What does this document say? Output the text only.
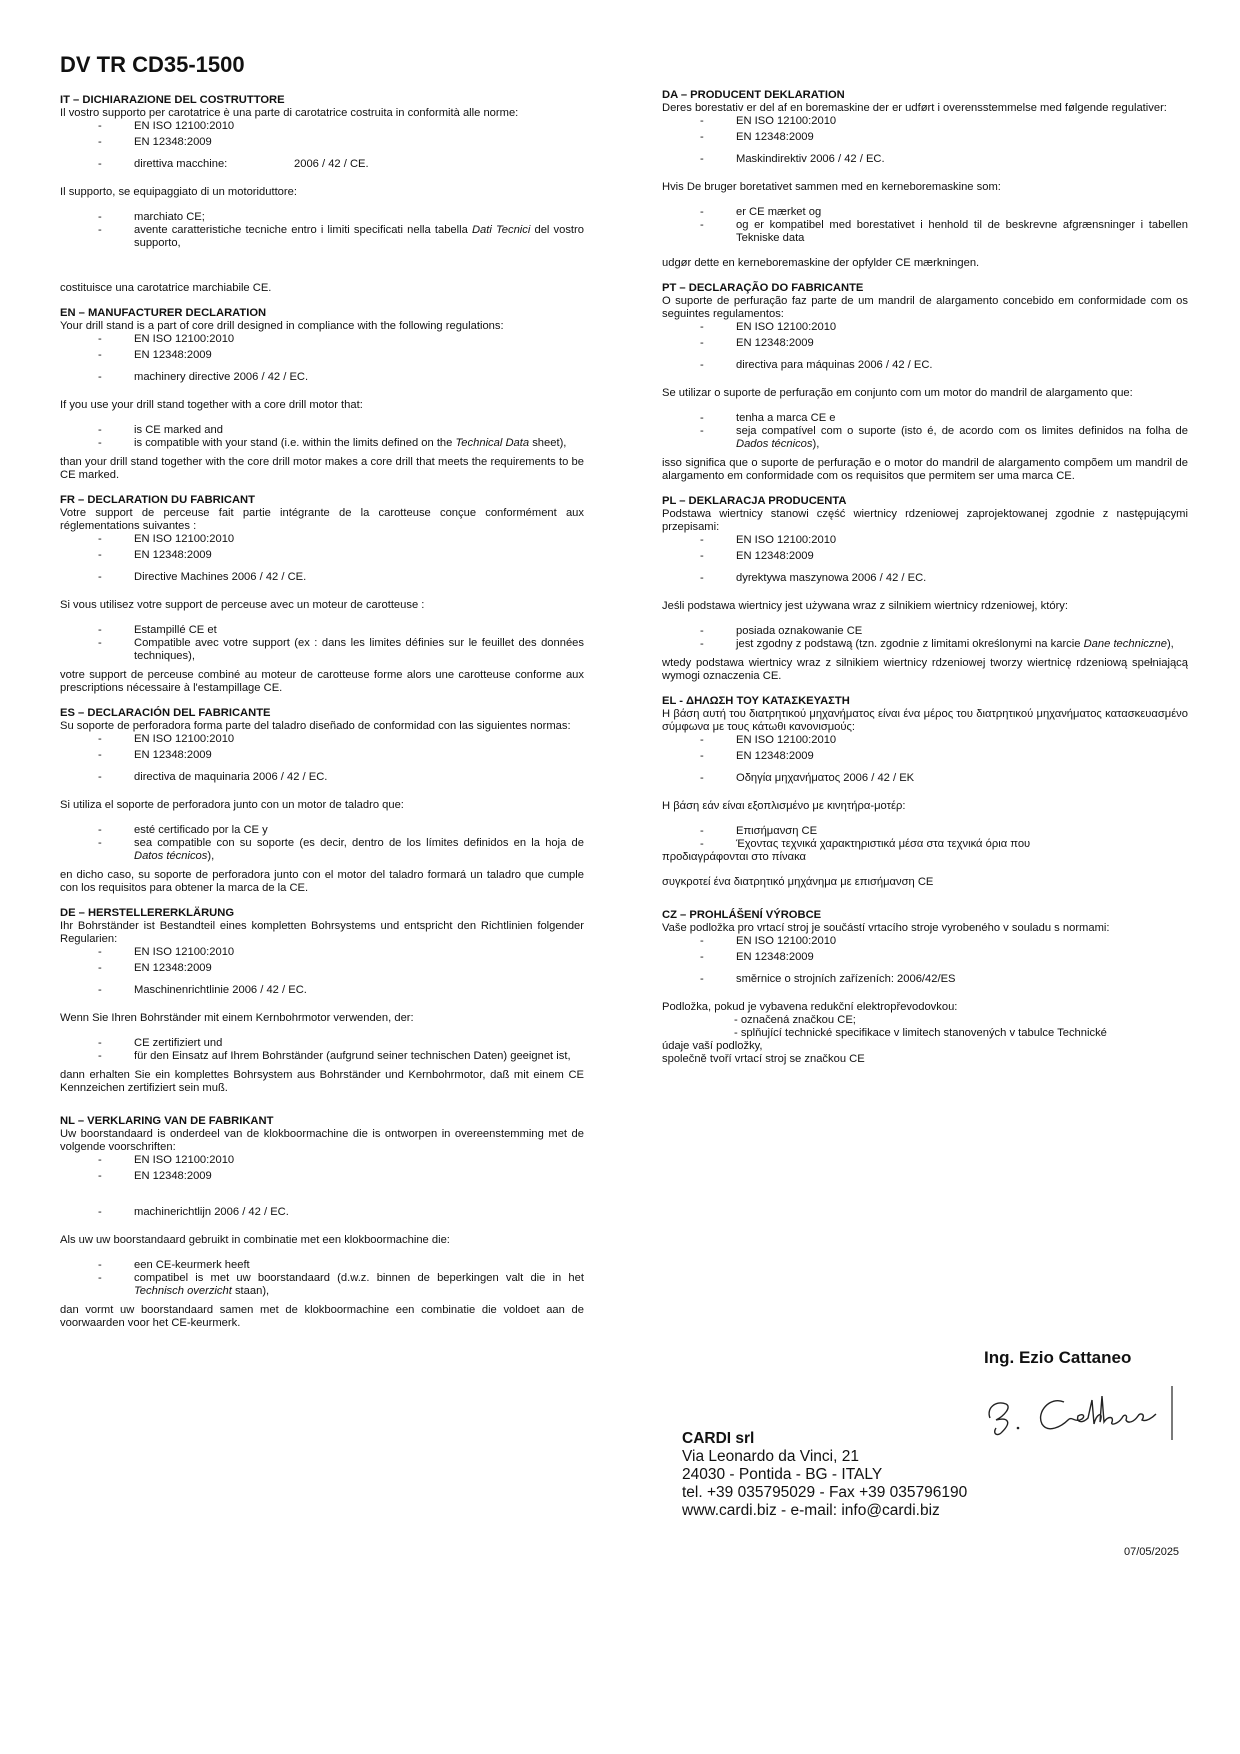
DV TR CD35-1500

IT – DICHIARAZIONE DEL COSTRUTTORE

Il vostro supporto per carotatrice è una parte di carotatrice costruita in conformità alle norme:

- EN ISO 12100:2010
- EN 12348:2009
- direttiva macchine:	2006 / 42 / CE.

Il supporto, se equipaggiato di un motoriduttore:

- marchiato CE;
- avente caratteristiche tecniche entro i limiti specificati nella tabella Dati Tecnici del vostro supporto,

costituisce una carotatrice marchiabile CE.

EN – MANUFACTURER DECLARATION

Your drill stand is a part of core drill designed in compliance with the following regulations:

- EN ISO 12100:2010
- EN 12348:2009
- machinery directive 2006 / 42 / EC.

If you use your drill stand together with a core drill motor that:

- is CE marked and
- is compatible with your stand (i.e. within the limits defined on the Technical Data sheet),

than your drill stand together with the core drill motor makes a core drill that meets the requirements to be CE marked.

FR – DECLARATION DU FABRICANT

Votre support de perceuse fait partie intégrante de la carotteuse conçue conformément aux réglementations suivantes :

- EN ISO 12100:2010
- EN 12348:2009
- Directive Machines 2006 / 42 / CE.

Si vous utilisez votre support de perceuse avec un moteur de carotteuse :

- Estampillé CE et
- Compatible avec votre support (ex : dans les limites définies sur le feuillet des données techniques),

votre support de perceuse combiné au moteur de carotteuse forme alors une carotteuse conforme aux prescriptions nécessaire à l'estampillage CE.

ES – DECLARACIÓN DEL FABRICANTE

Su soporte de perforadora forma parte del taladro diseñado de conformidad con las siguientes normas:

- EN ISO 12100:2010
- EN 12348:2009
- directiva de maquinaria 2006 / 42 / EC.

Si utiliza el soporte de perforadora junto con un motor de taladro que:

- esté certificado por la CE y
- sea compatible con su soporte (es decir, dentro de los límites definidos en la hoja de Datos técnicos),

en dicho caso, su soporte de perforadora junto con el motor del taladro formará un taladro que cumple con los requisitos para obtener la marca de la CE.

DE – HERSTELLERERKLÄRUNG

Ihr Bohrständer ist Bestandteil eines kompletten Bohrsystems und entspricht den Richtlinien folgender Regularien:

- EN ISO 12100:2010
- EN 12348:2009
- Maschinenrichtlinie 2006 / 42 / EC.

Wenn Sie Ihren Bohrständer mit einem Kernbohrmotor verwenden, der:

- CE zertifiziert und
- für den Einsatz auf Ihrem Bohrständer (aufgrund seiner technischen Daten) geeignet ist,

dann erhalten Sie ein komplettes Bohrsystem aus Bohrständer und Kernbohrmotor, daß mit einem CE Kennzeichen zertifiziert sein muß.

NL – VERKLARING VAN DE FABRIKANT

Uw boorstandaard is onderdeel van de klokboormachine die is ontworpen in overeenstemming met de volgende voorschriften:

- EN ISO 12100:2010
- EN 12348:2009
- machinerichtlijn 2006 / 42 / EC.

Als uw uw boorstandaard gebruikt in combinatie met een klokboormachine die:

- een CE-keurmerk heeft
- compatibel is met uw boorstandaard (d.w.z. binnen de beperkingen valt die in het Technisch overzicht staan),

dan vormt uw boorstandaard samen met de klokboormachine een combinatie die voldoet aan de voorwaarden voor het CE-keurmerk.

DA – PRODUCENT DEKLARATION

Deres borestativ er del af en boremaskine der er udført i overensstemmelse med følgende regulativer:

- EN ISO 12100:2010
- EN 12348:2009
- Maskindirektiv 2006 / 42 / EC.

Hvis De bruger boretativet sammen med en kerneboremaskine som:

- er CE mærket og
- og er kompatibel med borestativet i henhold til de beskrevne afgrænsninger i tabellen Tekniske data

udgør dette en kerneboremaskine der opfylder CE mærkningen.

PT – DECLARAÇÃO DO FABRICANTE

O suporte de perfuração faz parte de um mandril de alargamento concebido em conformidade com os seguintes regulamentos:

- EN ISO 12100:2010
- EN 12348:2009
- directiva para máquinas 2006 / 42 / EC.

Se utilizar o suporte de perfuração em conjunto com um motor do mandril de alargamento que:

- tenha a marca CE e
- seja compatível com o suporte (isto é, de acordo com os limites definidos na folha de Dados técnicos),

isso significa que o suporte de perfuração e o motor do mandril de alargamento compõem um mandril de alargamento em conformidade com os requisitos que permitem ser uma marca CE.

PL – DEKLARACJA PRODUCENTA

Podstawa wiertnicy stanowi część wiertnicy rdzeniowej zaprojektowanej zgodnie z następującymi przepisami:

- EN ISO 12100:2010
- EN 12348:2009
- dyrektywa maszynowa 2006 / 42 / EC.

Jeśli podstawa wiertnicy jest używana wraz z silnikiem wiertnicy rdzeniowej, który:

- posiada oznakowanie CE
- jest zgodny z podstawą (tzn. zgodnie z limitami określonymi na karcie Dane techniczne),

wtedy podstawa wiertnicy wraz z silnikiem wiertnicy rdzeniowej tworzy wiertnicę rdzeniową spełniającą wymogi oznaczenia CE.

EL - ΔΗΛΩΣΗ ΤΟΥ ΚΑΤΑΣΚΕΥΑΣΤΗ

Η βάση αυτή του διατρητικού μηχανήματος είναι ένα μέρος του διατρητικού μηχανήματος κατασκευασμένο σύμφωνα με τους κάτωθι κανονισμούς:

- EN ISO 12100:2010
- EN 12348:2009
- Οδηγία μηχανήματος 2006 / 42 / EK

Η βάση εάν είναι εξοπλισμένο με κινητήρα-μοτέρ:

- Επισήμανση CE
- Έχοντας τεχνικά χαρακτηριστικά μέσα στα τεχνικά όρια που

προδιαγράφονται στο πίνακα

συγκροτεί ένα διατρητικό μηχάνημα με επισήμανση CE

CZ – PROHLÁŠENÍ VÝROBCE

Vaše podložka pro vrtací stroj je součástí vrtacího stroje vyrobeného v souladu s normami:

- EN ISO 12100:2010
- EN 12348:2009
- směrnice o strojních zařízeních: 2006/42/ES

Podložka, pokud je vybavena redukční elektropřevodovkou:

- označená značkou CE;

- splňující technické specifikace v limitech stanovených v tabulce Technické

údaje vaší podložky,

společně tvoří vrtací stroj se značkou CE

Ing. Ezio Cattaneo

CARDI srl

Via Leonardo da Vinci, 21

24030 - Pontida - BG - ITALY

tel. +39 035795029 - Fax +39 035796190

www.cardi.biz - e-mail: info@cardi.biz

07/05/2025
